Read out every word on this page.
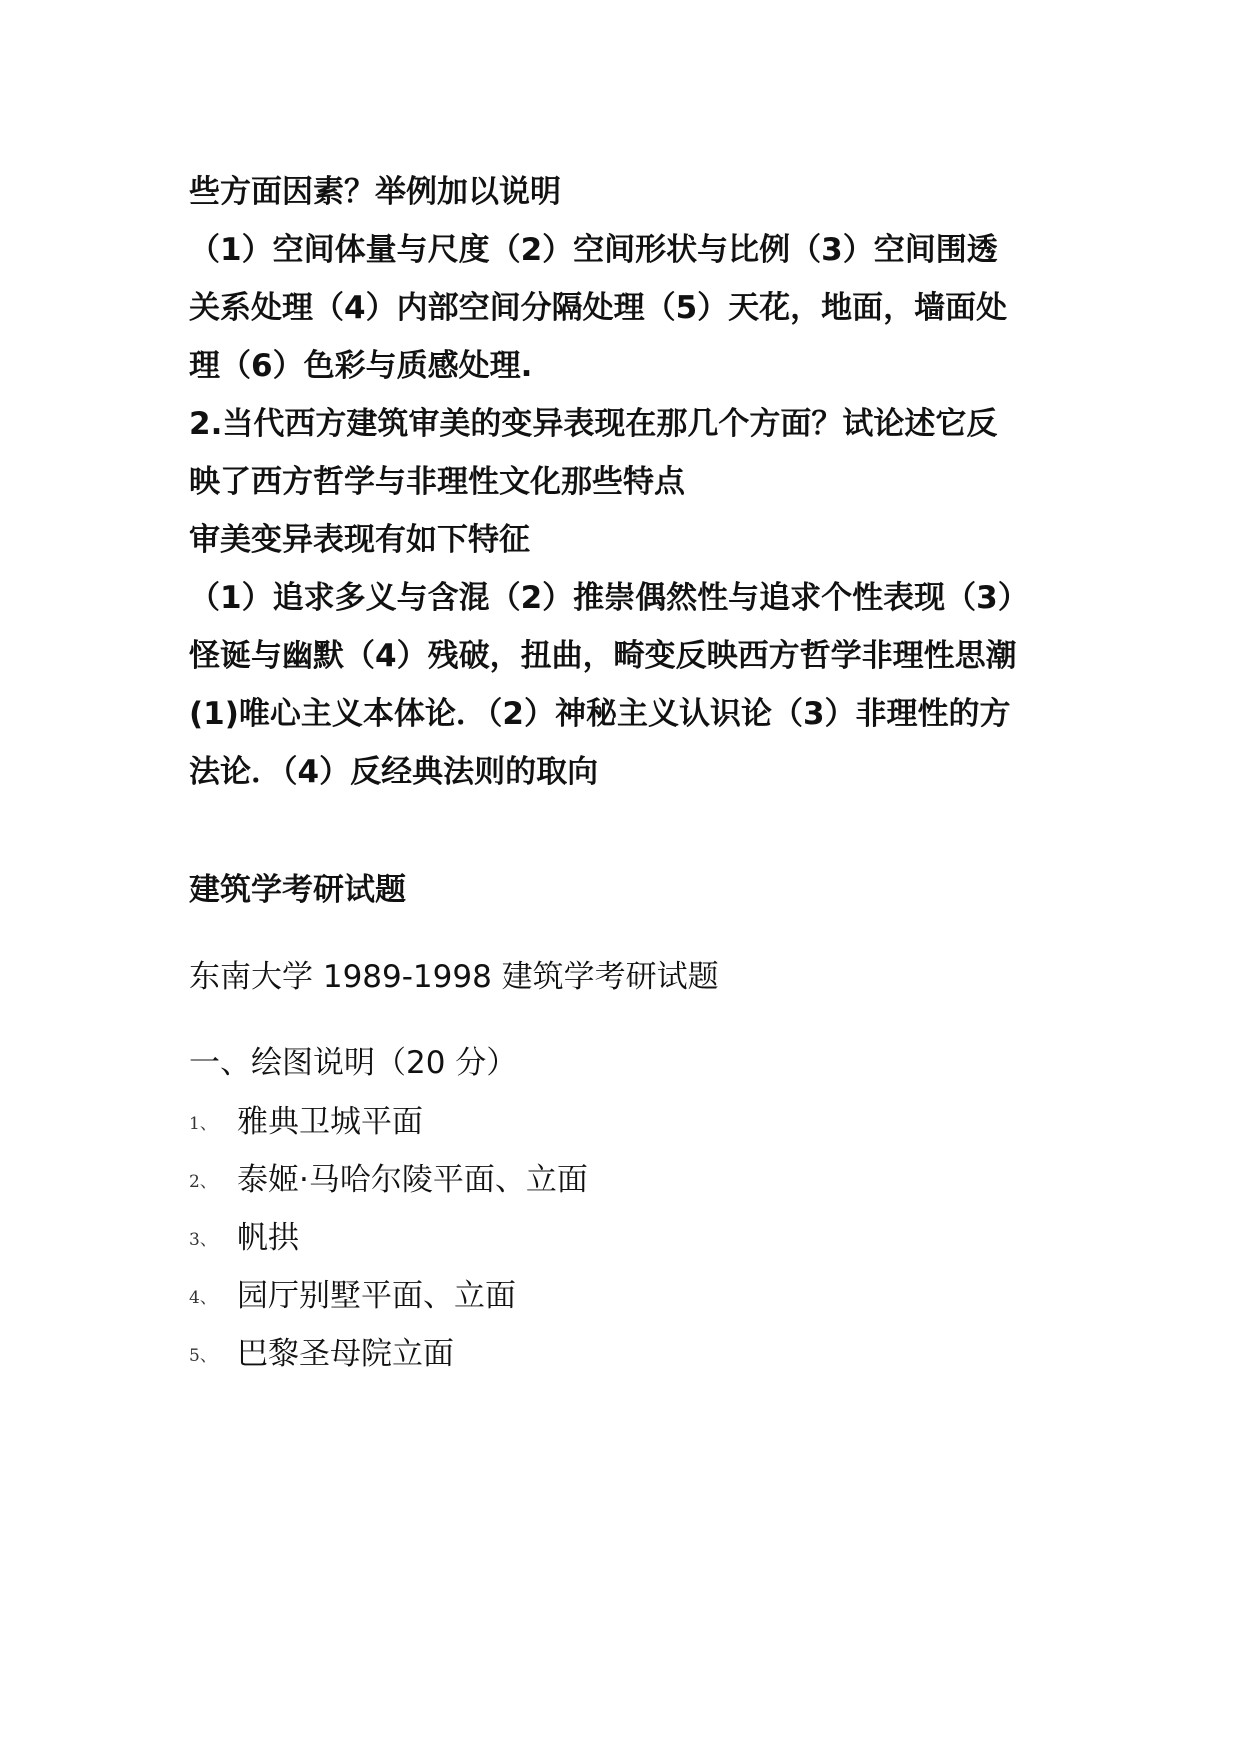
些方面因素？举例加以说明

（1）空间体量与尺度（2）空间形状与比例（3）空间围透

关系处理（4）内部空间分隔处理（5）天花，地面，墙面处

理（6）色彩与质感处理.

2.当代西方建筑审美的变异表现在那几个方面？试论述它反

映了西方哲学与非理性文化那些特点

审美变异表现有如下特征

（1）追求多义与含混（2）推崇偶然性与追求个性表现（3）

怪诞与幽默（4）残破，扭曲，畸变反映西方哲学非理性思潮

(1)唯心主义本体论．（2）神秘主义认识论（3）非理性的方

法论．（4）反经典法则的取向

建筑学考研试题

东南大学 1989-1998 建筑学考研试题

一、绘图说明（20 分）

1、 雅典卫城平面
2、 泰姬·马哈尔陵平面、立面
3、 帆拱
4、 园厅别墅平面、立面
5、 巴黎圣母院立面
